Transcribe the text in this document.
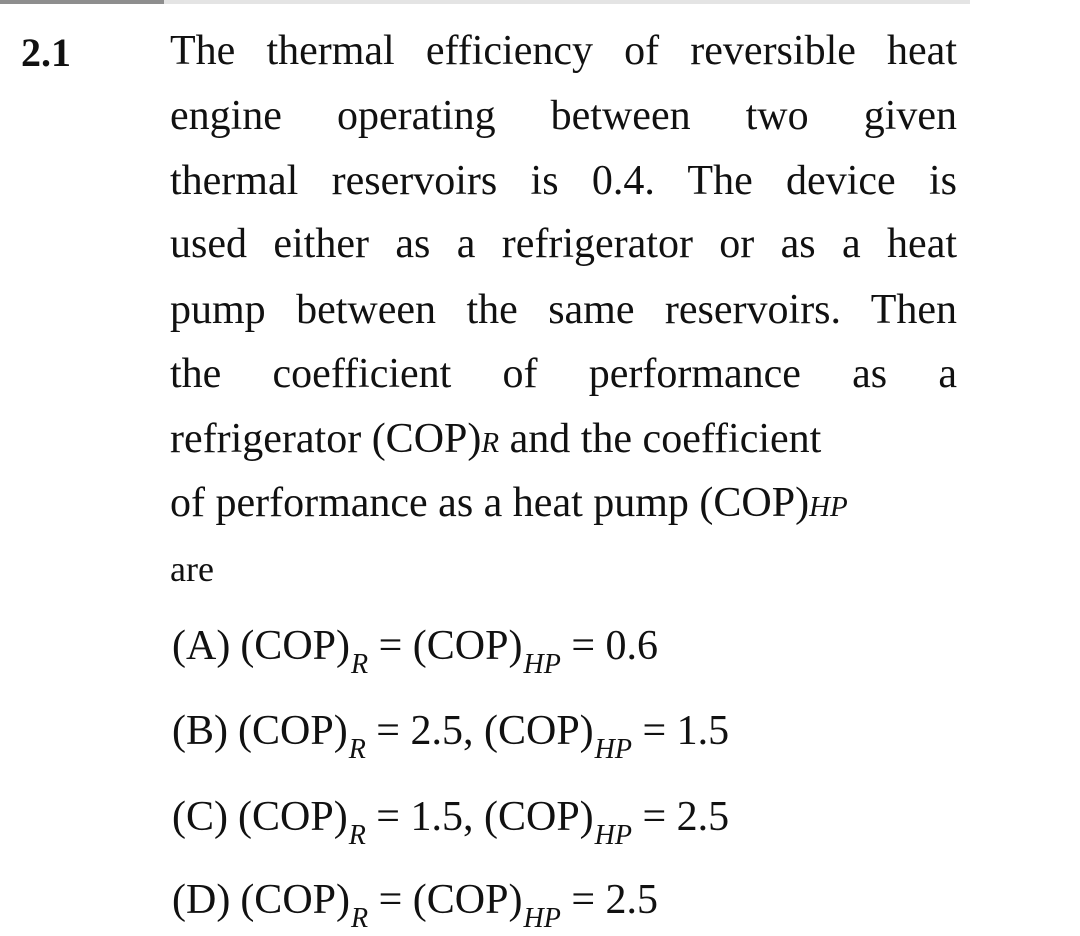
2.1 The thermal efficiency of reversible heat
engine operating between two given
thermal reservoirs is 0.4. The device is
used either as a refrigerator or as a heat
pump between the same reservoirs. Then
the coefficient of performance as a
refrigerator (COP)R and the coefficient
of performance as a heat pump (COP)HP
are
(A) $(COP)_R = (COP)_{HP} = 0.6$
(B) $(COP)_R = 2.5$, $(COP)_{HP} = 1.5$
(C) $(COP)_R = 1.5$, $(COP)_{HP} = 2.5$
(D) $(COP)_R = (COP)_{HP} = 2.5$
